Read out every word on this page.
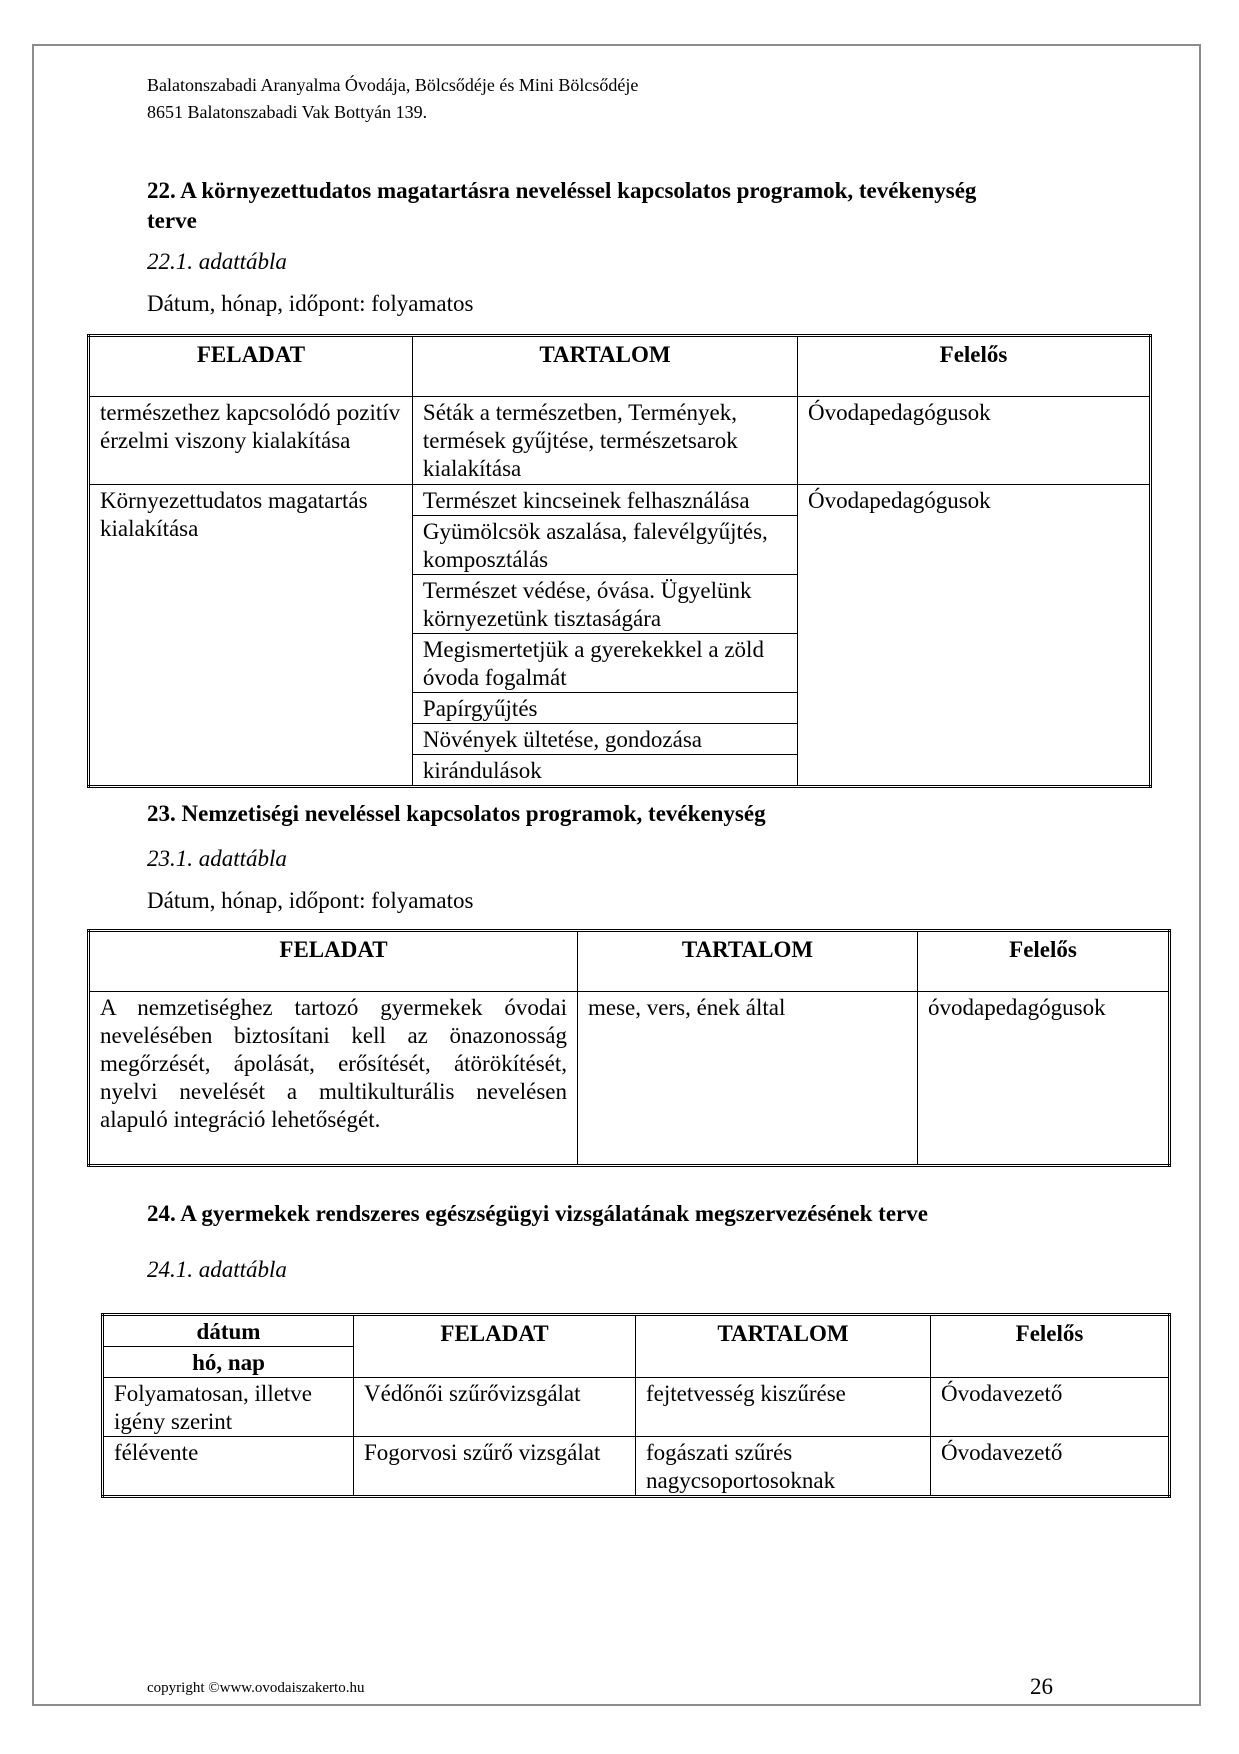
Balatonszabadi Aranyalma Óvodája, Bölcsődéje és Mini Bölcsődéje
8651 Balatonszabadi Vak Bottyán 139.
22. A környezettudatos magatartásra neveléssel kapcsolatos programok, tevékenység
terve
22.1. adattábla
Dátum, hónap, időpont: folyamatos
FELADAT	TARTALOM	Felelős
természethez kapcsolódó pozitív érzelmi viszony kialakítása	Séták a természetben, Termények, termések gyűjtése, természetsarok kialakítása	Óvodapedagógusok
Környezettudatos magatartás kialakítása	Természet kincseinek felhasználása	Óvodapedagógusok
	Gyümölcsök aszalása, falevélgyűjtés, komposztálás	
	Természet védése, óvása. Ügyelünk környezetünk tisztaságára	
	Megismertetjük a gyerekekkel a zöld óvoda fogalmát	
	Papírgyűjtés	
	Növények ültetése, gondozása	
	kirándulások	
23. Nemzetiségi neveléssel kapcsolatos programok, tevékenység
23.1. adattábla
Dátum, hónap, időpont: folyamatos
FELADAT	TARTALOM	Felelős
A nemzetiséghez tartozó gyermekek óvodai nevelésében biztosítani kell az önazonosság megőrzését, ápolását, erősítését, átörökítését, nyelvi nevelését a multikulturális nevelésen alapuló integráció lehetőségét.	mese, vers, ének által	óvodapedagógusok
24. A gyermekek rendszeres egészségügyi vizsgálatának megszervezésének terve
24.1. adattábla
dátum	FELADAT	TARTALOM	Felelős
hó, nap			
Folyamatosan, illetve igény szerint	Védőnői szűrővizsgálat	fejtetvesség kiszűrése	Óvodavezető
félévente	Fogorvosi szűrő vizsgálat	fogászati szűrés nagycsoportosoknak	Óvodavezető
copyright ©www.ovodaiszakerto.hu	26
